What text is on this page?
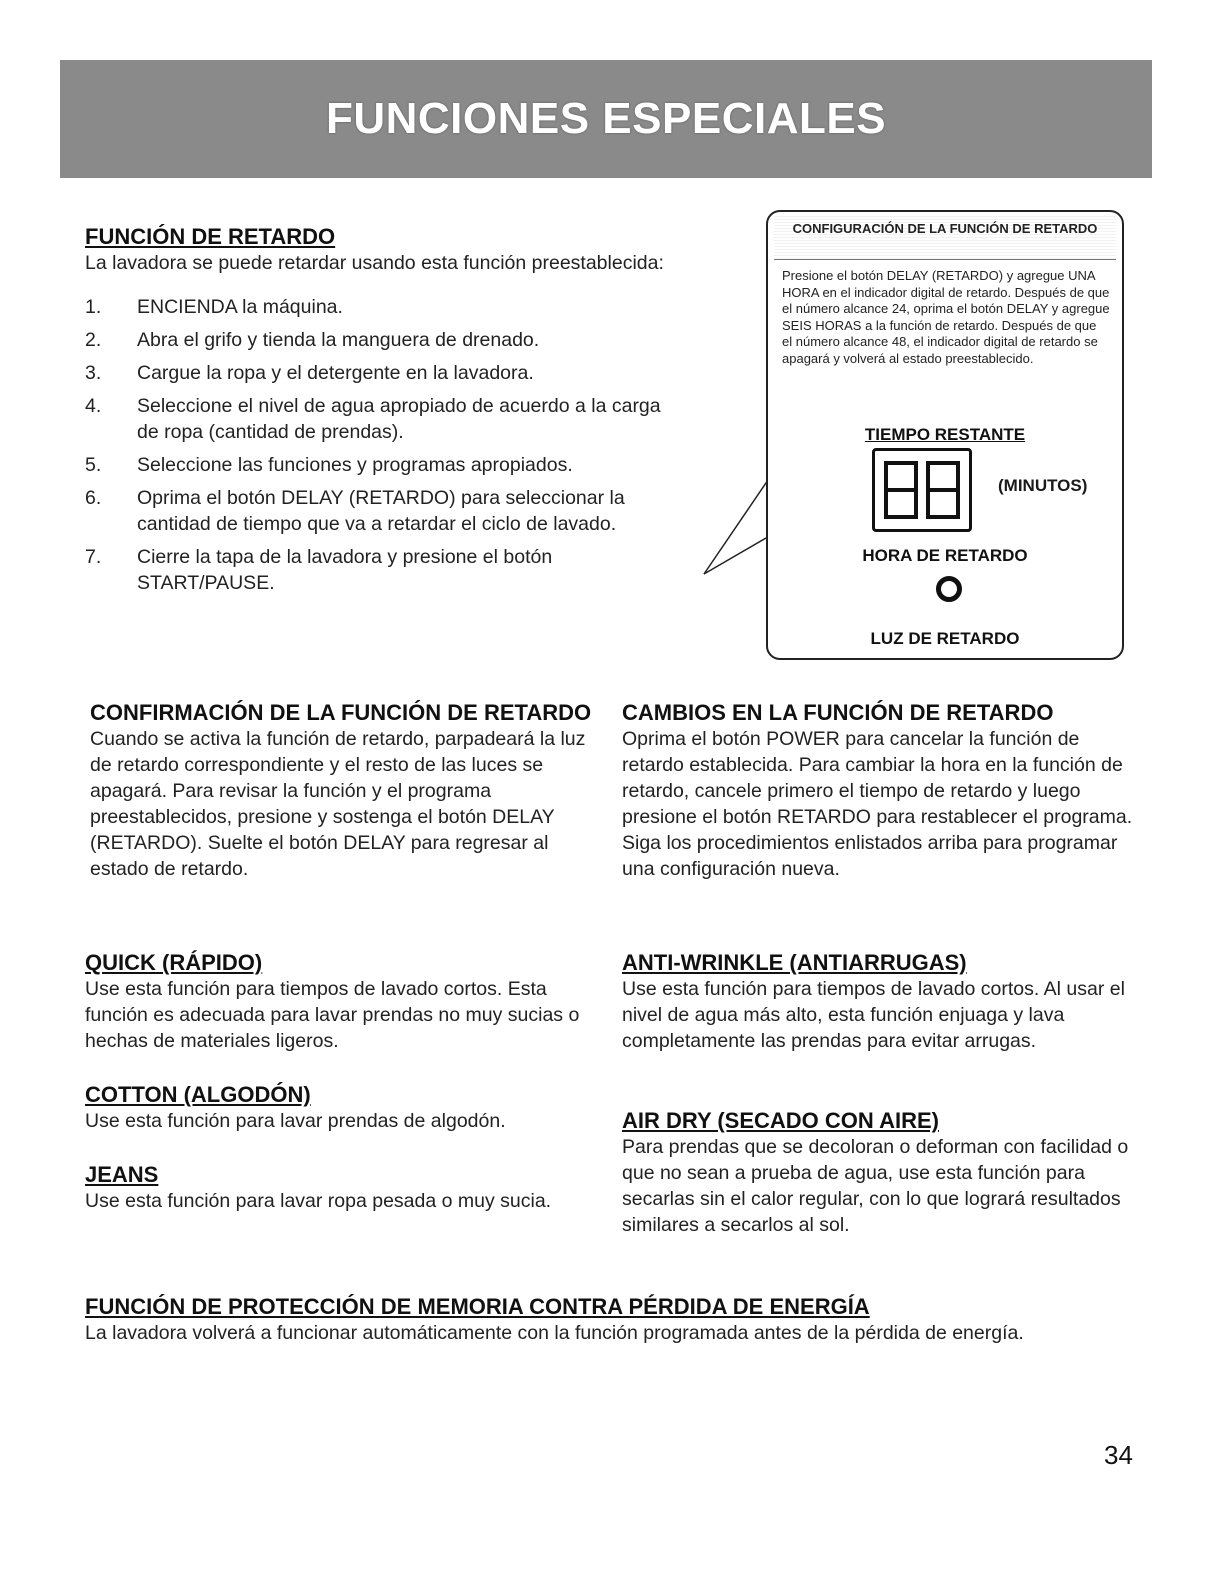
FUNCIONES ESPECIALES
FUNCIÓN DE RETARDO

La lavadora se puede retardar usando esta función preestablecida:

1.	ENCIENDA la máquina.
2.	Abra el grifo y tienda la manguera de drenado.
3.	Cargue la ropa y el detergente en la lavadora.
4.	Seleccione el nivel de agua apropiado de acuerdo a la carga de ropa (cantidad de prendas).
5.	Seleccione las funciones y programas apropiados.
6.	Oprima el botón DELAY (RETARDO) para seleccionar la cantidad de tiempo que va a retardar el ciclo de lavado.
7.	Cierre la tapa de la lavadora y presione el botón START/PAUSE.
CONFIGURACIÓN DE LA FUNCIÓN DE RETARDO
Presione el botón DELAY (RETARDO) y agregue UNA HORA en el indicador digital de retardo. Después de que el número alcance 24, oprima el botón DELAY y agregue SEIS HORAS a la función de retardo. Después de que el número alcance 48, el indicador digital de retardo se apagará y volverá al estado preestablecido.
TIEMPO RESTANTE
(MINUTOS)
HORA DE RETARDO
LUZ DE RETARDO
CONFIRMACIÓN DE LA FUNCIÓN DE RETARDO

Cuando se activa la función de retardo, parpadeará la luz de retardo correspondiente y el resto de las luces se apagará. Para revisar la función y el programa preestablecidos, presione y sostenga el botón DELAY (RETARDO). Suelte el botón DELAY para regresar al estado de retardo.

CAMBIOS EN LA FUNCIÓN DE RETARDO

Oprima el botón POWER para cancelar la función de retardo establecida. Para cambiar la hora en la función de retardo, cancele primero el tiempo de retardo y luego presione el botón RETARDO para restablecer el programa. Siga los procedimientos enlistados arriba para programar una configuración nueva.

QUICK (RÁPIDO)

Use esta función para tiempos de lavado cortos. Esta función es adecuada para lavar prendas no muy sucias o hechas de materiales ligeros.

COTTON (ALGODÓN)

Use esta función para lavar prendas de algodón.

JEANS

Use esta función para lavar ropa pesada o muy sucia.

ANTI-WRINKLE (ANTIARRUGAS)

Use esta función para tiempos de lavado cortos. Al usar el nivel de agua más alto, esta función enjuaga y lava completamente las prendas para evitar arrugas.

AIR DRY (SECADO CON AIRE)

Para prendas que se decoloran o deforman con facilidad o que no sean a prueba de agua, use esta función para secarlas sin el calor regular, con lo que logrará resultados similares a secarlos al sol.

FUNCIÓN DE PROTECCIÓN DE MEMORIA CONTRA PÉRDIDA DE ENERGÍA

La lavadora volverá a funcionar automáticamente con la función programada antes de la pérdida de energía.

34
